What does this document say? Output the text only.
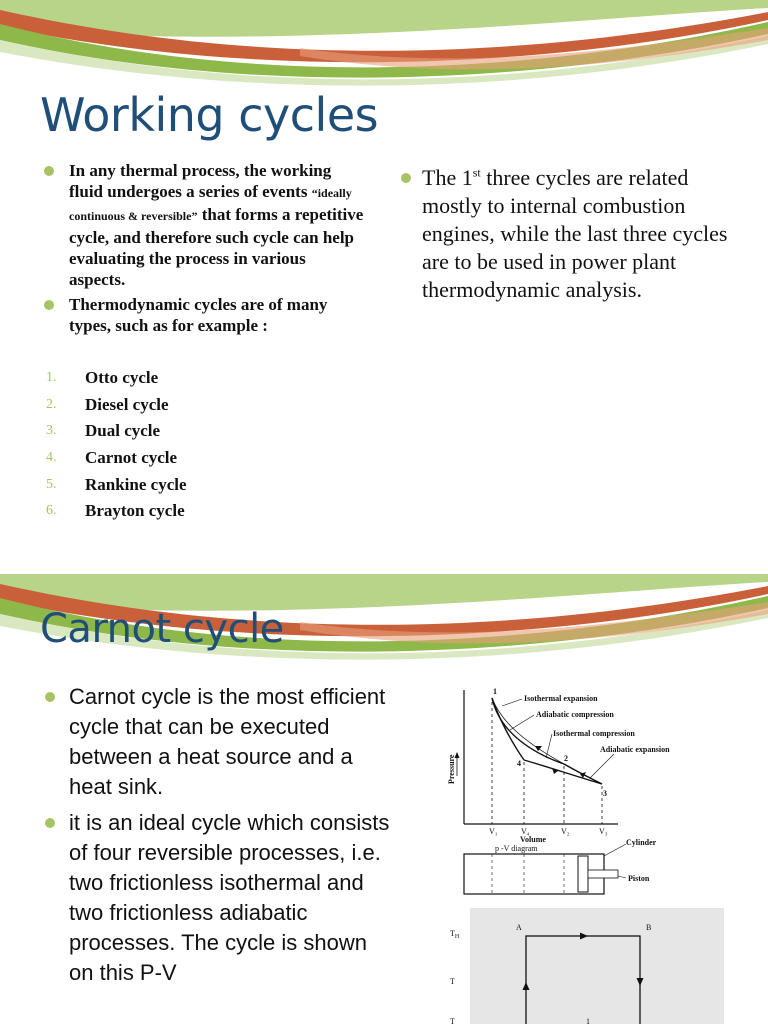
Working cycles
In any thermal process, the working fluid undergoes a series of events “ideally continuous & reversible” that forms a repetitive cycle, and therefore such cycle can help evaluating the process in various aspects.
Thermodynamic cycles are of many types, such as for example :
1. Otto cycle
2. Diesel cycle
3. Dual cycle
4. Carnot cycle
5. Rankine cycle
6. Brayton cycle
The 1st three cycles are related mostly to internal combustion engines, while the last three cycles are to be used in power plant thermodynamic analysis.
Carnot cycle
Carnot cycle is the most efficient cycle that can be executed between a heat source and a heat sink.
it is an ideal cycle which consists of four reversible processes, i.e. two frictionless isothermal and two frictionless adiabatic processes. The cycle is shown on this P-V
Pressure
1
2
3
4
V₁	V₄	V₂	V₃
Volume
Isothermal expansion
Adiabatic compression
Isothermal compression
Adiabatic expansion
p -V diagram
Cylinder
Piston
$T_H$
T
T
A	B
1
